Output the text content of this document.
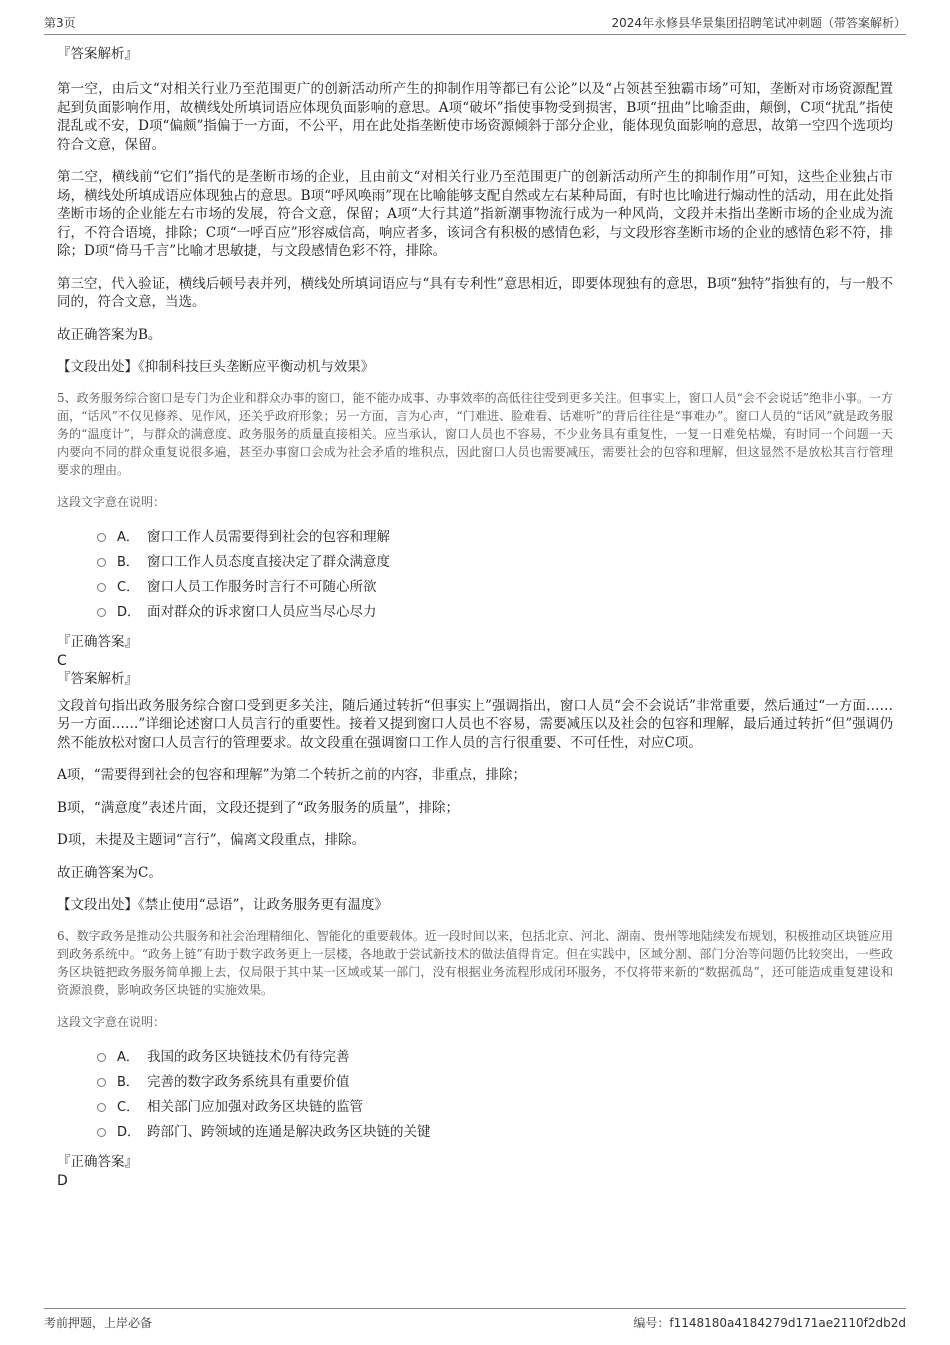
第3页	2024年永修县华景集团招聘笔试冲刺题（带答案解析）

『答案解析』

第一空，由后文“对相关行业乃至范围更广的创新活动所产生的抑制作用等都已有公论”以及“占领甚至独霸市场”可知，垄断对市场资源配置起到负面影响作用，故横线处所填词语应体现负面影响的意思。A项“破坏”指使事物受到损害，B项“扭曲”比喻歪曲，颠倒，C项“扰乱”指使混乱或不安，D项“偏颇”指偏于一方面，不公平，用在此处指垄断使市场资源倾斜于部分企业，能体现负面影响的意思，故第一空四个选项均符合文意，保留。

第二空，横线前“它们”指代的是垄断市场的企业，且由前文“对相关行业乃至范围更广的创新活动所产生的抑制作用”可知，这些企业独占市场，横线处所填成语应体现独占的意思。B项“呼风唤雨”现在比喻能够支配自然或左右某种局面，有时也比喻进行煽动性的活动，用在此处指垄断市场的企业能左右市场的发展，符合文意，保留；A项“大行其道”指新潮事物流行成为一种风尚，文段并未指出垄断市场的企业成为流行，不符合语境，排除；C项“一呼百应”形容威信高，响应者多，该词含有积极的感情色彩，与文段形容垄断市场的企业的感情色彩不符，排除；D项“倚马千言”比喻才思敏捷，与文段感情色彩不符，排除。

第三空，代入验证，横线后顿号表并列，横线处所填词语应与“具有专利性”意思相近，即要体现独有的意思，B项“独特”指独有的，与一般不同的，符合文意，当选。

故正确答案为B。

【文段出处】《抑制科技巨头垄断应平衡动机与效果》

5、政务服务综合窗口是专门为企业和群众办事的窗口，能不能办成事、办事效率的高低往往受到更多关注。但事实上，窗口人员“会不会说话”绝非小事。一方面，“话风”不仅见修养、见作风，还关乎政府形象；另一方面，言为心声，“门难进、脸难看、话难听”的背后往往是“事难办”。窗口人员的“话风”就是政务服务的“温度计”，与群众的满意度、政务服务的质量直接相关。应当承认，窗口人员也不容易，不少业务具有重复性，一复一日难免枯燥，有时同一个问题一天内要向不同的群众重复说很多遍，甚至办事窗口会成为社会矛盾的堆积点，因此窗口人员也需要减压，需要社会的包容和理解，但这显然不是放松其言行管理要求的理由。

这段文字意在说明：

A． 窗口工作人员需要得到社会的包容和理解
B． 窗口工作人员态度直接决定了群众满意度
C． 窗口人员工作服务时言行不可随心所欲
D． 面对群众的诉求窗口人员应当尽心尽力

『正确答案』

C

『答案解析』

文段首句指出政务服务综合窗口受到更多关注，随后通过转折“但事实上”强调指出，窗口人员“会不会说话”非常重要，然后通过“一方面……另一方面……”详细论述窗口人员言行的重要性。接着又提到窗口人员也不容易，需要减压以及社会的包容和理解，最后通过转折“但”强调仍然不能放松对窗口人员言行的管理要求。故文段重在强调窗口工作人员的言行很重要、不可任性，对应C项。

A项，“需要得到社会的包容和理解”为第二个转折之前的内容，非重点，排除；

B项，“满意度”表述片面，文段还提到了“政务服务的质量”，排除；

D项，未提及主题词“言行”，偏离文段重点，排除。

故正确答案为C。

【文段出处】《禁止使用“忌语”，让政务服务更有温度》

6、数字政务是推动公共服务和社会治理精细化、智能化的重要载体。近一段时间以来，包括北京、河北、湖南、贵州等地陆续发布规划，积极推动区块链应用到政务系统中。“政务上链”有助于数字政务更上一层楼，各地敢于尝试新技术的做法值得肯定。但在实践中，区域分割、部门分治等问题仍比较突出，一些政务区块链把政务服务简单搬上去，仅局限于其中某一区域或某一部门，没有根据业务流程形成闭环服务，不仅将带来新的“数据孤岛”，还可能造成重复建设和资源浪费，影响政务区块链的实施效果。

这段文字意在说明：

A． 我国的政务区块链技术仍有待完善
B． 完善的数字政务系统具有重要价值
C． 相关部门应加强对政务区块链的监管
D． 跨部门、跨领域的连通是解决政务区块链的关键

『正确答案』

D

考前押题，上岸必备	编号：f1148180a4184279d171ae2110f2db2d
